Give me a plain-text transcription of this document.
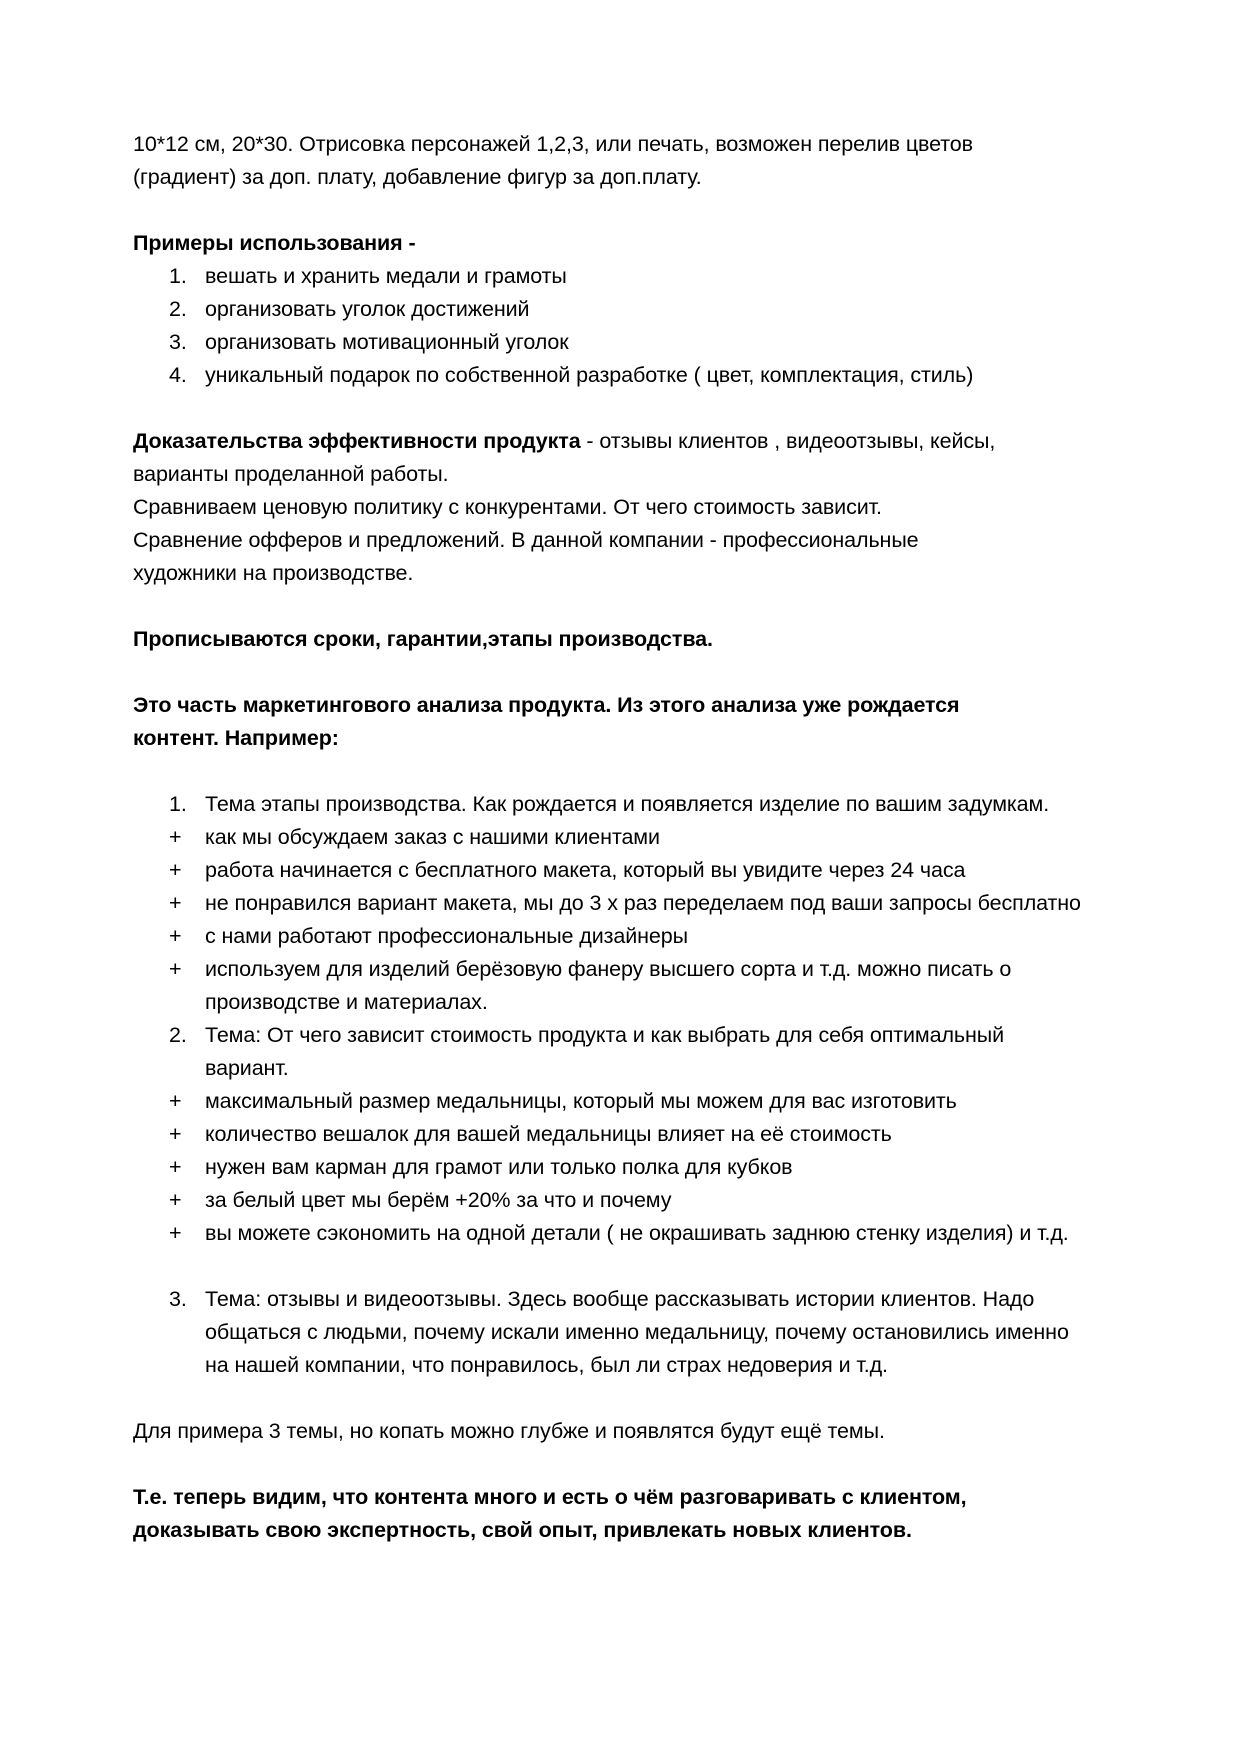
10*12 см, 20*30. Отрисовка персонажей 1,2,3, или печать, возможен перелив цветов

(градиент) за доп. плату, добавление фигур за доп.плату.

Примеры использования -

1. вешать и хранить медали и грамоты
2. организовать уголок достижений
3. организовать мотивационный уголок
4. уникальный подарок по собственной разработке ( цвет, комплектация, стиль)

Доказательства эффективности продукта - отзывы клиентов , видеоотзывы, кейсы,

варианты проделанной работы.

Сравниваем ценовую политику с конкурентами. От чего стоимость зависит.

Сравнение офферов и предложений. В данной компании - профессиональные

художники на производстве.

Прописываются сроки, гарантии,этапы производства.

Это часть маркетингового анализа продукта. Из этого анализа уже рождается

контент. Например:

1. Тема этапы производства. Как рождается и появляется изделие по вашим задумкам.
+	как мы обсуждаем заказ с нашими клиентами
+	работа начинается с бесплатного макета, который вы увидите через 24 часа
+	не понравился вариант макета, мы до 3 х раз переделаем под ваши запросы бесплатно
+	с нами работают профессиональные дизайнеры
+	используем для изделий берёзовую фанеру высшего сорта и т.д. можно писать о производстве и материалах.
2. Тема: От чего зависит стоимость продукта и как выбрать для себя оптимальный вариант.
+	максимальный размер медальницы, который мы можем для вас изготовить
+	количество вешалок для вашей медальницы влияет на её стоимость
+	нужен вам карман для грамот или только полка для кубков
+	за белый цвет мы берём +20% за что и почему
+	вы можете сэкономить на одной детали ( не окрашивать заднюю стенку изделия) и т.д.
3. Тема: отзывы и видеоотзывы. Здесь вообще рассказывать истории клиентов. Надо общаться с людьми, почему искали именно медальницу, почему остановились именно на нашей компании, что понравилось, был ли страх недоверия и т.д.

Для примера 3 темы, но копать можно глубже и появлятся будут ещё темы.

Т.е. теперь видим, что контента много и есть о чём разговаривать с клиентом,

доказывать свою экспертность, свой опыт, привлекать новых клиентов.
